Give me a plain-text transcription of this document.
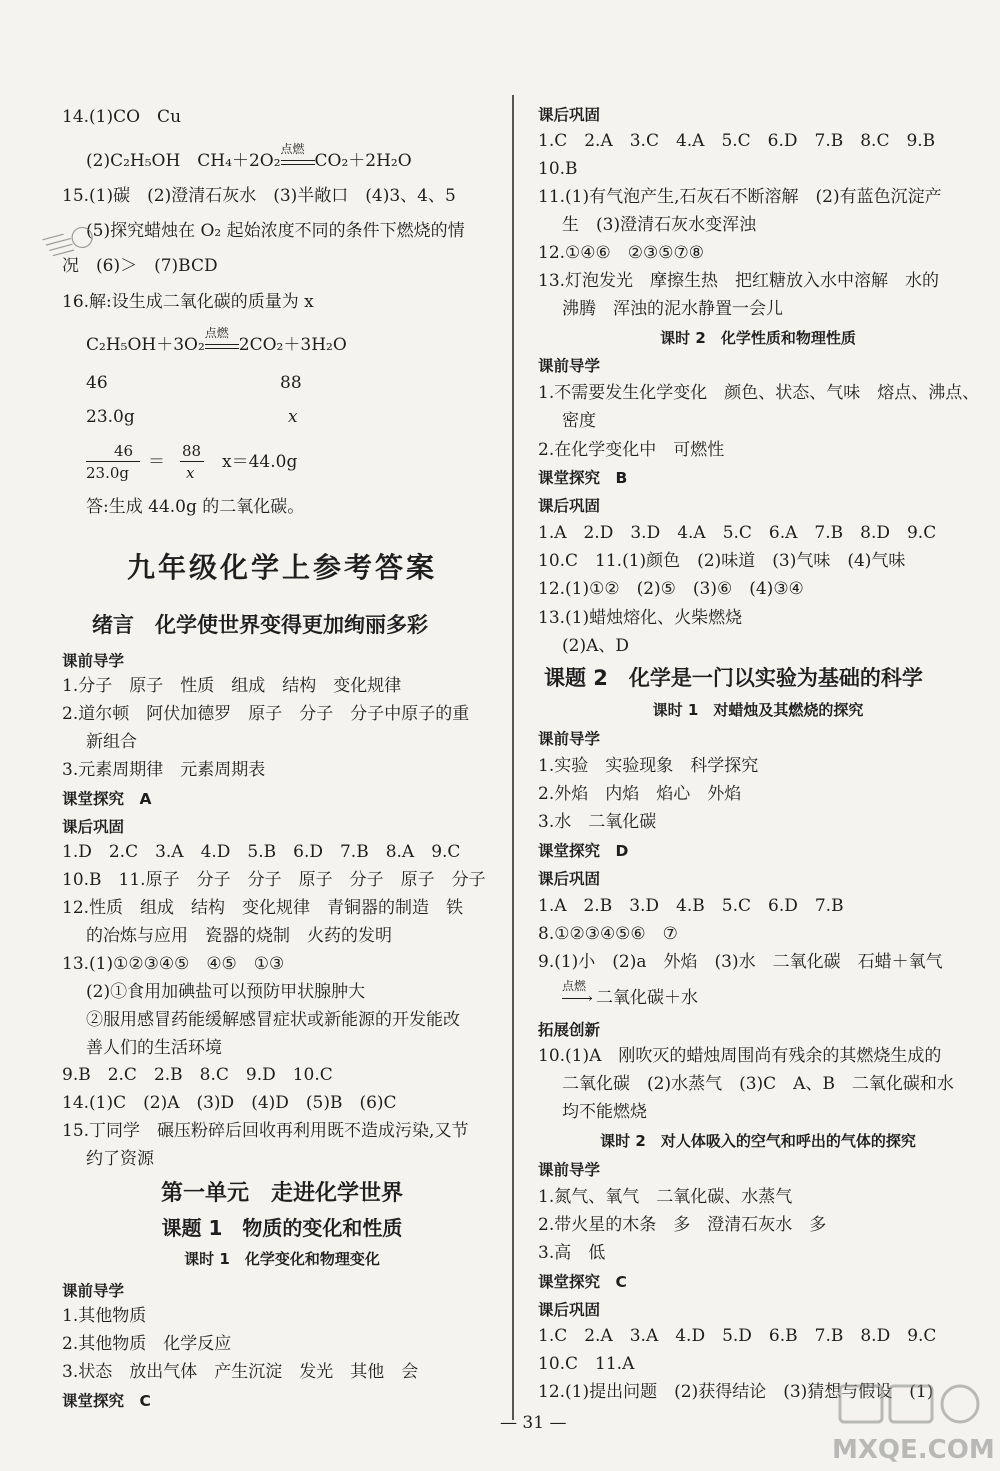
14.(1)CO　Cu
(2)C₂H₅OH　CH₄＋2O₂
点燃
CO₂＋2H₂O
15.(1)碳　(2)澄清石灰水　(3)半敞口　(4)3、4、5
(5)探究蜡烛在 O₂ 起始浓度不同的条件下燃烧的情
况　(6)＞　(7)BCD
16.解:设生成二氧化碳的质量为 x
C₂H₅OH＋3O₂
点燃
2CO₂＋3H₂O
46	88
23.0g	x
46
23.0g
＝
88
x
x＝44.0g
答:生成 44.0g 的二氧化碳。
九年级化学上参考答案
绪言　化学使世界变得更加绚丽多彩
课前导学
1.分子　原子　性质　组成　结构　变化规律
2.道尔顿　阿伏加德罗　原子　分子　分子中原子的重
新组合
3.元素周期律　元素周期表
课堂探究　A
课后巩固
1.D　2.C　3.A　4.D　5.B　6.D　7.B　8.A　9.C
10.B　11.原子　分子　分子　原子　分子　原子　分子
12.性质　组成　结构　变化规律　青铜器的制造　铁
的冶炼与应用　瓷器的烧制　火药的发明
13.(1)①②③④⑤　④⑤　①③
(2)①食用加碘盐可以预防甲状腺肿大
②服用感冒药能缓解感冒症状或新能源的开发能改
善人们的生活环境
9.B　2.C　2.B　8.C　9.D　10.C
14.(1)C　(2)A　(3)D　(4)D　(5)B　(6)C
15.丁同学　碾压粉碎后回收再利用既不造成污染,又节
约了资源
第一单元　走进化学世界
课题 1　物质的变化和性质
课时 1　化学变化和物理变化
课前导学
1.其他物质
2.其他物质　化学反应
3.状态　放出气体　产生沉淀　发光　其他　会
课堂探究　C
课后巩固
1.C　2.A　3.C　4.A　5.C　6.D　7.B　8.C　9.B
10.B
11.(1)有气泡产生,石灰石不断溶解　(2)有蓝色沉淀产
生　(3)澄清石灰水变浑浊
12.①④⑥　②③⑤⑦⑧
13.灯泡发光　摩擦生热　把红糖放入水中溶解　水的
沸腾　浑浊的泥水静置一会儿
课时 2　化学性质和物理性质
课前导学
1.不需要发生化学变化　颜色、状态、气味　熔点、沸点、
密度
2.在化学变化中　可燃性
课堂探究　B
课后巩固
1.A　2.D　3.D　4.A　5.C　6.A　7.B　8.D　9.C
10.C　11.(1)颜色　(2)味道　(3)气味　(4)气味
12.(1)①②　(2)⑤　(3)⑥　(4)③④
13.(1)蜡烛熔化、火柴燃烧
(2)A、D
课题 2　化学是一门以实验为基础的科学
课时 1　对蜡烛及其燃烧的探究
课前导学
1.实验　实验现象　科学探究
2.外焰　内焰　焰心　外焰
3.水　二氧化碳
课堂探究　D
课后巩固
1.A　2.B　3.D　4.B　5.C　6.D　7.B
8.①②③④⑤⑥　⑦
9.(1)小　(2)a　外焰　(3)水　二氧化碳　石蜡＋氧气
点燃
› 二氧化碳＋水
拓展创新
10.(1)A　刚吹灭的蜡烛周围尚有残余的其燃烧生成的
二氧化碳　(2)水蒸气　(3)C　A、B　二氧化碳和水
均不能燃烧
课时 2　对人体吸入的空气和呼出的气体的探究
课前导学
1.氮气、氧气　二氧化碳、水蒸气
2.带火星的木条　多　澄清石灰水　多
3.高　低
课堂探究　C
课后巩固
1.C　2.A　3.A　4.D　5.D　6.B　7.B　8.D　9.C
10.C　11.A
12.(1)提出问题　(2)获得结论　(3)猜想与假设　(1)
— 31 —
MXQE.COM
